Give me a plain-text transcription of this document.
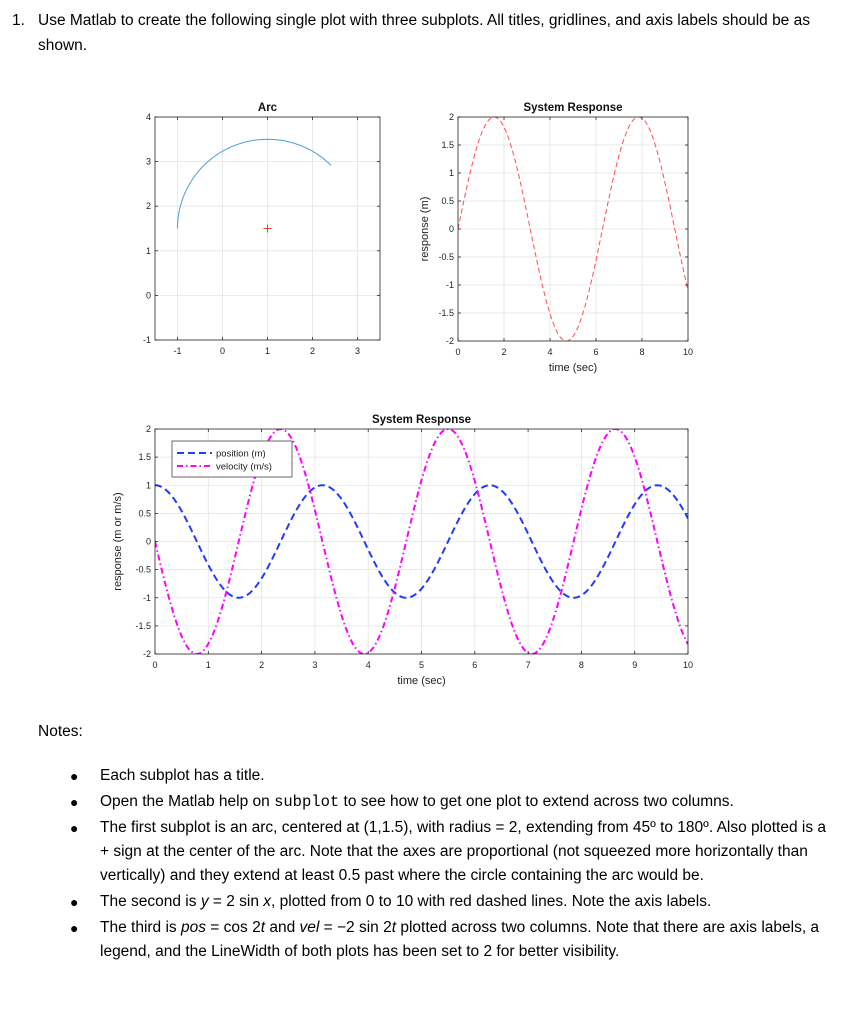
1. Use Matlab to create the following single plot with three subplots. All titles, gridlines, and axis labels should be as shown.
-1	0	1	2	3
-1
0
1
2
3
4
Arc
0	2	4	6	8	10
-2
-1.5
-1
-0.5
0
0.5
1
1.5
2
System Response
time (sec)
response (m)
0	1	2	3	4	5	6	7	8	9	10
-2
-1.5
-1
-0.5
0
0.5
1
1.5
2
System Response
time (sec)
response (m or m/s)
position (m)
velocity (m/s)
Notes:
● Each subplot has a title.
● Open the Matlab help on subplot to see how to get one plot to extend across two columns.
● The first subplot is an arc, centered at (1,1.5), with radius = 2, extending from 45º to 180º. Also plotted is a + sign at the center of the arc. Note that the axes are proportional (not squeezed more horizontally than vertically) and they extend at least 0.5 past where the circle containing the arc would be.
● The second is y = 2 sin x, plotted from 0 to 10 with red dashed lines. Note the axis labels.
● The third is pos = cos 2t and vel = −2 sin 2t plotted across two columns. Note that there are axis labels, a legend, and the LineWidth of both plots has been set to 2 for better visibility.
